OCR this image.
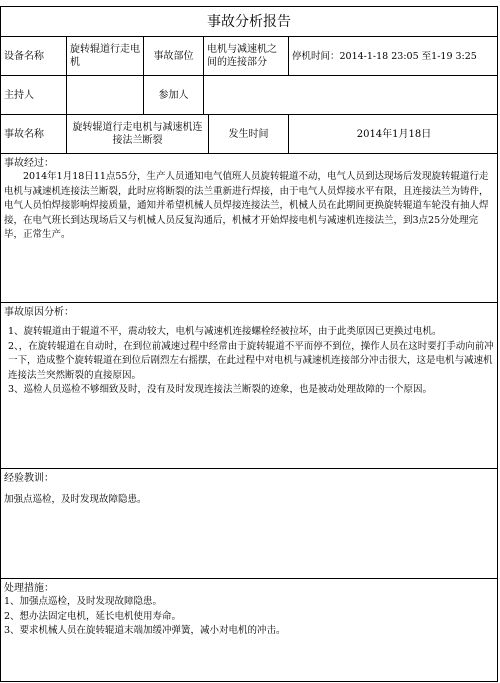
事故分析报告
设备名称
旋转辊道行走电机
事故部位
电机与减速机之间的连接部分
停机时间：2014-1-18 23:05 至1-19 3:25
主持人	参加人
事故名称
旋转辊道行走电机与减速机连接法兰断裂
发生时间	2014年1月18日
事故经过：

2014年1月18日11点55分，生产人员通知电气值班人员旋转辊道不动，电气人员到达现场后发现旋转辊道行走电机与减速机连接法兰断裂，此时应将断裂的法兰重新进行焊接，由于电气人员焊接水平有限，且连接法兰为铸件，电气人员怕焊接影响焊接质量，通知并希望机械人员焊接连接法兰，机械人员在此期间更换旋转辊道车轮没有抽人焊接，在电气班长到达现场后又与机械人员反复沟通后，机械才开始焊接电机与减速机连接法兰，到3点25分处理完毕，正常生产。

事故原因分析：

1、旋转辊道由于辊道不平，震动较大，电机与减速机连接螺栓经被拉坏，由于此类原因已更换过电机。

2、，在旋转辊道在自动时，在到位前减速过程中经常由于旋转辊道不平而停不到位，操作人员在这时要打手动向前冲一下，造成整个旋转辊道在到位后剧烈左右摇摆，在此过程中对电机与减速机连接部分冲击很大，这是电机与减速机连接法兰突然断裂的直接原因。

3、巡检人员巡检不够细致及时，没有及时发现连接法兰断裂的迹象，也是被动处理故障的一个原因。

经验教训：

加强点巡检，及时发现故障隐患。

处理措施：

1、加强点巡检，及时发现故障隐患。

2、想办法固定电机，延长电机使用寿命。

3、要求机械人员在旋转辊道末端加缓冲弹簧，减小对电机的冲击。
